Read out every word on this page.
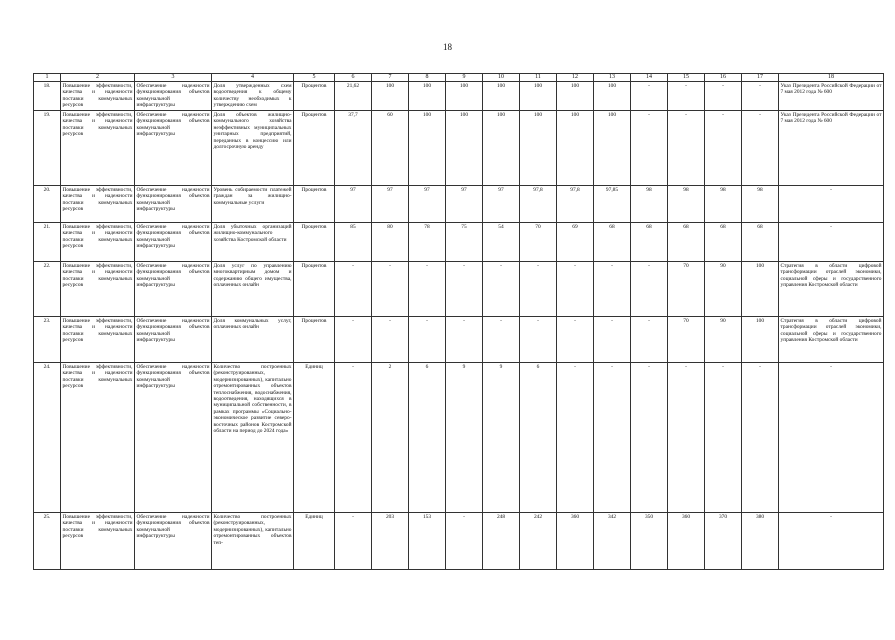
18
1	2	3	4	5	6	7	8	9	10	11	12	13	14	15	16	17	18
18.	Повышение эффективности, качества и надежности поставки коммунальных ресурсов	Обеспечение надежности функционирования объектов коммунальной инфраструктуры	Доля утвержденных схем водоотведения к общему количеству необходимых к утверждению схем	Процентов	21,62	100	100	100	100	100	100	100	-	-	-	-	Указ Президента Российской Федерации от 7 мая 2012 года № 600
19.	Повышение эффективности, качества и надежности поставки коммунальных ресурсов	Обеспечение надежности функционирования объектов коммунальной инфраструктуры	Доля объектов жилищно-коммунального хозяйства неэффективных муниципальных унитарных предприятий, переданных в концессию или долгосрочную аренду	Процентов	37,7	60	100	100	100	100	100	100	-	-	-	-	Указ Президента Российской Федерации от 7 мая 2012 года № 600
20.	Повышение эффективности, качества и надежности поставки коммунальных ресурсов	Обеспечение надежности функционирования объектов коммунальной инфраструктуры	Уровень собираемости платежей граждан за жилищно-коммунальные услуги	Процентов	97	97	97	97	97	97,8	97,8	97,85	98	98	98	98	-
21.	Повышение эффективности, качества и надежности поставки коммунальных ресурсов	Обеспечение надежности функционирования объектов коммунальной инфраструктуры	Доля убыточных организаций жилищно-коммунального хозяйства Костромской области	Процентов	85	80	78	75	54	70	69	68	68	68	68	68	-
22.	Повышение эффективности, качества и надежности поставки коммунальных ресурсов	Обеспечение надежности функционирования объектов коммунальной инфраструктуры	Доля услуг по управлению многоквартирным домом и содержанию общего имущества, оплаченных онлайн	Процентов	-	-	-	-	-	-	-	-	-	70	90	100	Стратегия в области цифровой трансформации отраслей экономики, социальной сферы и государственного управления Костромской области
23.	Повышение эффективности, качества и надежности поставки коммунальных ресурсов	Обеспечение надежности функционирования объектов коммунальной инфраструктуры	Доля коммунальных услуг, оплаченных онлайн	Процентов	-	-	-	-	-	-	-	-	-	70	90	100	Стратегия в области цифровой трансформации отраслей экономики, социальной сферы и государственного управления Костромской области
24.	Повышение эффективности, качества и надежности поставки коммунальных ресурсов	Обеспечение надежности функционирования объектов коммунальной инфраструктуры	Количество построенных (реконструированных, модернизированных), капитально отремонтированных объектов теплоснабжения, водоснабжения, водоотведения, находящихся в муниципальной собственности, в рамках программы «Социально-экономическое развитие северо-восточных районов Костромской области на период до 2024 года»	Единиц	-	2	6	9	9	6	-	-	-	-	-	-	-
25.	Повышение эффективности, качества и надежности поставки коммунальных ресурсов	Обеспечение надежности функционирования объектов коммунальной инфраструктуры	Количество построенных (реконструированных, модернизированных), капитально отремонтированных объектов теп-	Единиц	-	203	153	-	248	242	360	342	350	360	370	380	-
